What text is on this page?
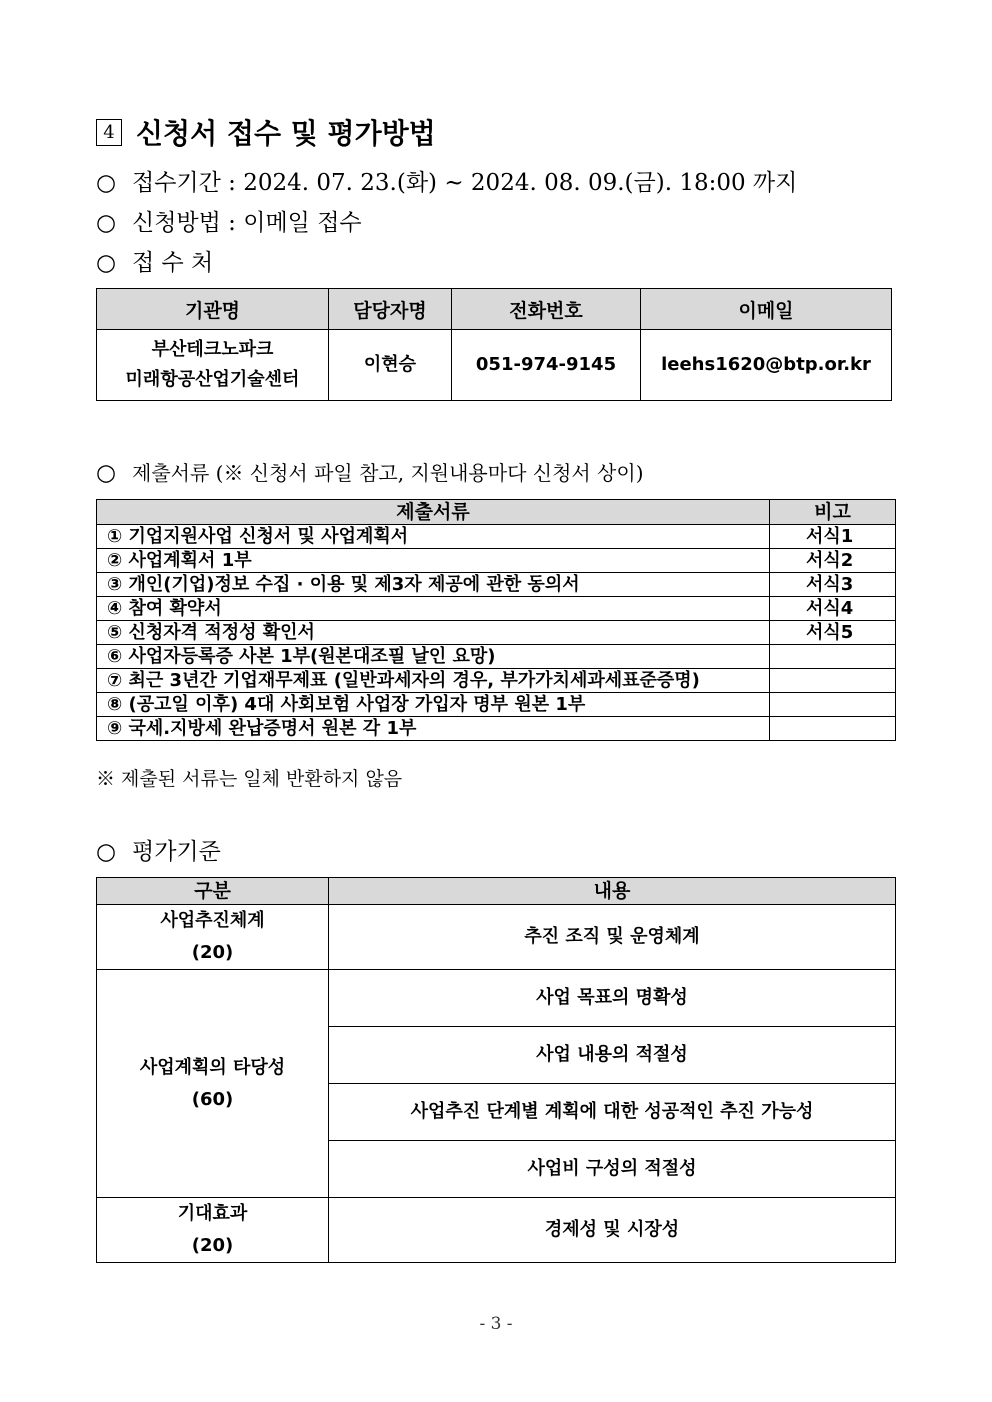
4 신청서 접수 및 평가방법
○ 접수기간 : 2024. 07. 23.(화) ~ 2024. 08. 09.(금). 18:00 까지
○ 신청방법 : 이메일 접수
○ 접 수 처
기관명	담당자명	전화번호	이메일

부산테크노파크
미래항공산업기술센터	이현승	051-974-9145	leehs1620@btp.or.kr
○ 제출서류 (※ 신청서 파일 참고, 지원내용마다 신청서 상이)
제출서류	비고
① 기업지원사업 신청서 및 사업계획서	서식1
② 사업계획서 1부	서식2
③ 개인(기업)정보 수집 · 이용 및 제3자 제공에 관한 동의서	서식3
④ 참여 확약서	서식4
⑤ 신청자격 적정성 확인서	서식5
⑥ 사업자등록증 사본 1부(원본대조필 날인 요망)	
⑦ 최근 3년간 기업재무제표 (일반과세자의 경우, 부가가치세과세표준증명)	
⑧ (공고일 이후) 4대 사회보험 사업장 가입자 명부 원본 1부	
⑨ 국세.지방세 완납증명서 원본 각 1부	
※ 제출된 서류는 일체 반환하지 않음
○ 평가기준
구분	내용

사업추진체계
(20)	추진 조직 및 운영체계

사업계획의 타당성
(60)	사업 목표의 명확성
	사업 내용의 적절성
	사업추진 단계별 계획에 대한 성공적인 추진 가능성
	사업비 구성의 적절성

기대효과
(20)	경제성 및 시장성
- 3 -
